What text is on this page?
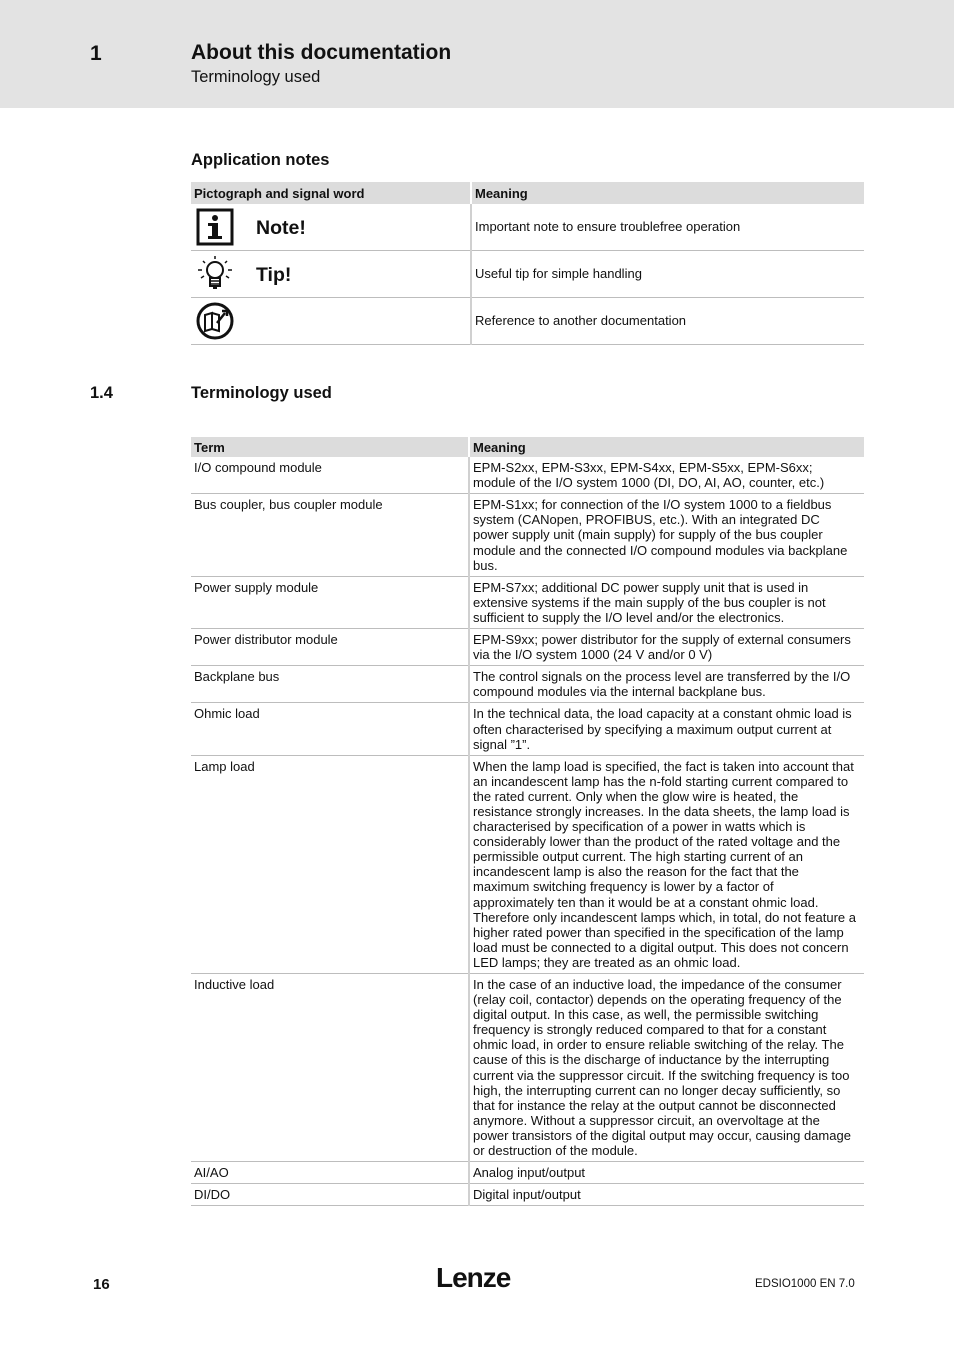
1	About this documentation
Terminology used
Application notes
Pictograph and signal word	Meaning

Note!	Important note to ensure troublefree operation

Tip!	Useful tip for simple handling

	Reference to another documentation
1.4	Terminology used
Term	Meaning
I/O compound module	EPM-S2xx, EPM-S3xx, EPM-S4xx, EPM-S5xx, EPM-S6xx; module of the I/O system 1000 (DI, DO, AI, AO, counter, etc.)
Bus coupler, bus coupler module	EPM-S1xx; for connection of the I/O system 1000 to a fieldbus system (CANopen, PROFIBUS, etc.). With an integrated DC power supply unit (main supply) for supply of the bus coupler module and the connected I/O compound modules via backplane bus.
Power supply module	EPM-S7xx; additional DC power supply unit that is used in extensive systems if the main supply of the bus coupler is not sufficient to supply the I/O level and/or the electronics.
Power distributor module	EPM-S9xx; power distributor for the supply of external consumers via the I/O system 1000 (24 V and/or 0 V)
Backplane bus	The control signals on the process level are transferred by the I/O compound modules via the internal backplane bus.
Ohmic load	In the technical data, the load capacity at a constant ohmic load is often characterised by specifying a maximum output current at signal ”1”.
Lamp load	When the lamp load is specified, the fact is taken into account that an incandescent lamp has the n-fold starting current compared to the rated current. Only when the glow wire is heated, the resistance strongly increases. In the data sheets, the lamp load is characterised by specification of a power in watts which is considerably lower than the product of the rated voltage and the permissible output current. The high starting current of an incandescent lamp is also the reason for the fact that the maximum switching frequency is lower by a factor of approximately ten than it would be at a constant ohmic load. Therefore only incandescent lamps which, in total, do not feature a higher rated power than specified in the specification of the lamp load must be connected to a digital output. This does not concern LED lamps; they are treated as an ohmic load.
Inductive load	In the case of an inductive load, the impedance of the consumer (relay coil, contactor) depends on the operating frequency of the digital output. In this case, as well, the permissible switching frequency is strongly reduced compared to that for a constant ohmic load, in order to ensure reliable switching of the relay. The cause of this is the discharge of inductance by the interrupting current via the suppressor circuit. If the switching frequency is too high, the interrupting current can no longer decay sufficiently, so that for instance the relay at the output cannot be disconnected anymore. Without a suppressor circuit, an overvoltage at the power transistors of the digital output may occur, causing damage or destruction of the module.
AI/AO	Analog input/output
DI/DO	Digital input/output
16	Lenze	EDSIO1000 EN 7.0
